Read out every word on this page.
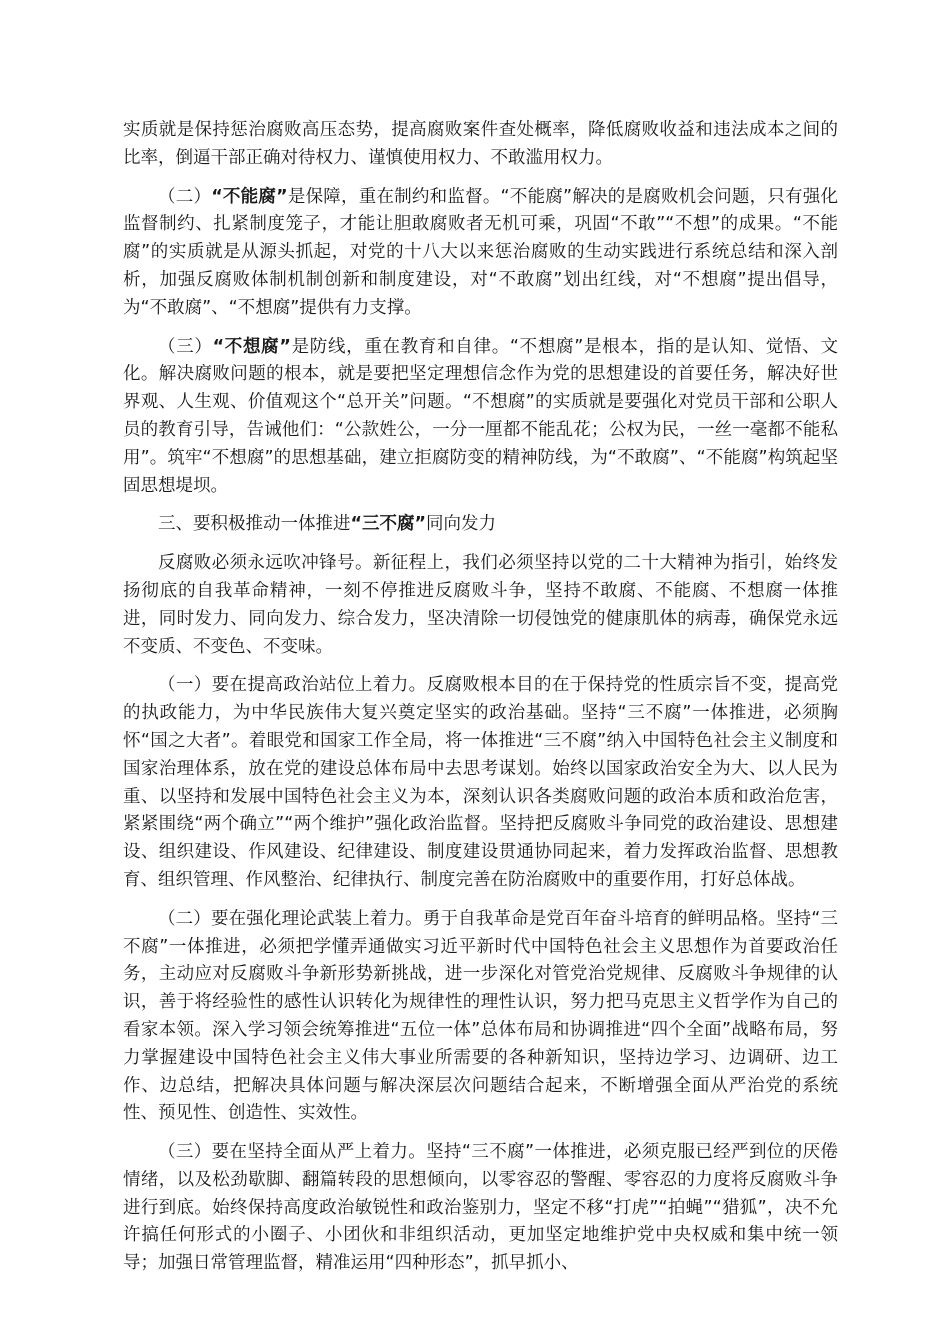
实质就是保持惩治腐败高压态势，提高腐败案件查处概率，降低腐败收益和违法成本之间的比率，倒逼干部正确对待权力、谨慎使用权力、不敢滥用权力。

（二）“不能腐”是保障，重在制约和监督。“不能腐”解决的是腐败机会问题，只有强化监督制约、扎紧制度笼子，才能让胆敢腐败者无机可乘，巩固“不敢”“不想”的成果。“不能腐”的实质就是从源头抓起，对党的十八大以来惩治腐败的生动实践进行系统总结和深入剖析，加强反腐败体制机制创新和制度建设，对“不敢腐”划出红线，对“不想腐”提出倡导，为“不敢腐”、“不想腐”提供有力支撑。

（三）“不想腐”是防线，重在教育和自律。“不想腐”是根本，指的是认知、觉悟、文化。解决腐败问题的根本，就是要把坚定理想信念作为党的思想建设的首要任务，解决好世界观、人生观、价值观这个“总开关”问题。“不想腐”的实质就是要强化对党员干部和公职人员的教育引导，告诫他们：“公款姓公，一分一厘都不能乱花；公权为民，一丝一毫都不能私用”。筑牢“不想腐”的思想基础，建立拒腐防变的精神防线，为“不敢腐”、“不能腐”构筑起坚固思想堤坝。

三、要积极推动一体推进“三不腐”同向发力

反腐败必须永远吹冲锋号。新征程上，我们必须坚持以党的二十大精神为指引，始终发扬彻底的自我革命精神，一刻不停推进反腐败斗争，坚持不敢腐、不能腐、不想腐一体推进，同时发力、同向发力、综合发力，坚决清除一切侵蚀党的健康肌体的病毒，确保党永远不变质、不变色、不变味。

（一）要在提高政治站位上着力。反腐败根本目的在于保持党的性质宗旨不变，提高党的执政能力，为中华民族伟大复兴奠定坚实的政治基础。坚持“三不腐”一体推进，必须胸怀“国之大者”。着眼党和国家工作全局，将一体推进“三不腐”纳入中国特色社会主义制度和国家治理体系，放在党的建设总体布局中去思考谋划。始终以国家政治安全为大、以人民为重、以坚持和发展中国特色社会主义为本，深刻认识各类腐败问题的政治本质和政治危害，紧紧围绕“两个确立”“两个维护”强化政治监督。坚持把反腐败斗争同党的政治建设、思想建设、组织建设、作风建设、纪律建设、制度建设贯通协同起来，着力发挥政治监督、思想教育、组织管理、作风整治、纪律执行、制度完善在防治腐败中的重要作用，打好总体战。

（二）要在强化理论武装上着力。勇于自我革命是党百年奋斗培育的鲜明品格。坚持“三不腐”一体推进，必须把学懂弄通做实习近平新时代中国特色社会主义思想作为首要政治任务，主动应对反腐败斗争新形势新挑战，进一步深化对管党治党规律、反腐败斗争规律的认识，善于将经验性的感性认识转化为规律性的理性认识，努力把马克思主义哲学作为自己的看家本领。深入学习领会统筹推进“五位一体”总体布局和协调推进“四个全面”战略布局，努力掌握建设中国特色社会主义伟大事业所需要的各种新知识，坚持边学习、边调研、边工作、边总结，把解决具体问题与解决深层次问题结合起来，不断增强全面从严治党的系统性、预见性、创造性、实效性。

（三）要在坚持全面从严上着力。坚持“三不腐”一体推进，必须克服已经严到位的厌倦情绪，以及松劲歇脚、翻篇转段的思想倾向，以零容忍的警醒、零容忍的力度将反腐败斗争进行到底。始终保持高度政治敏锐性和政治鉴别力，坚定不移“打虎”“拍蝇”“猎狐”，决不允许搞任何形式的小圈子、小团伙和非组织活动，更加坚定地维护党中央权威和集中统一领导；加强日常管理监督，精准运用“四种形态”，抓早抓小、
